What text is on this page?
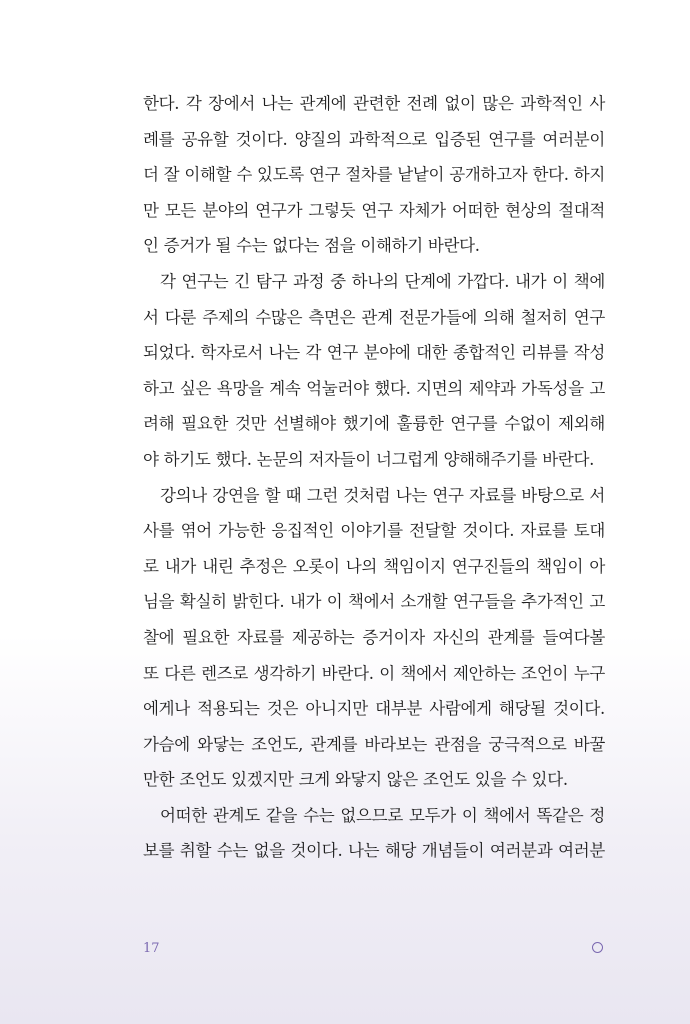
한다. 각 장에서 나는 관계에 관련한 전례 없이 많은 과학적인 사
례를 공유할 것이다. 양질의 과학적으로 입증된 연구를 여러분이
더 잘 이해할 수 있도록 연구 절차를 낱낱이 공개하고자 한다. 하지
만 모든 분야의 연구가 그렇듯 연구 자체가 어떠한 현상의 절대적
인 증거가 될 수는 없다는 점을 이해하기 바란다.
각 연구는 긴 탐구 과정 중 하나의 단계에 가깝다. 내가 이 책에
서 다룬 주제의 수많은 측면은 관계 전문가들에 의해 철저히 연구
되었다. 학자로서 나는 각 연구 분야에 대한 종합적인 리뷰를 작성
하고 싶은 욕망을 계속 억눌러야 했다. 지면의 제약과 가독성을 고
려해 필요한 것만 선별해야 했기에 훌륭한 연구를 수없이 제외해
야 하기도 했다. 논문의 저자들이 너그럽게 양해해주기를 바란다.
강의나 강연을 할 때 그런 것처럼 나는 연구 자료를 바탕으로 서
사를 엮어 가능한 응집적인 이야기를 전달할 것이다. 자료를 토대
로 내가 내린 추정은 오롯이 나의 책임이지 연구진들의 책임이 아
님을 확실히 밝힌다. 내가 이 책에서 소개할 연구들을 추가적인 고
찰에 필요한 자료를 제공하는 증거이자 자신의 관계를 들여다볼
또 다른 렌즈로 생각하기 바란다. 이 책에서 제안하는 조언이 누구
에게나 적용되는 것은 아니지만 대부분 사람에게 해당될 것이다.
가슴에 와닿는 조언도, 관계를 바라보는 관점을 궁극적으로 바꿀
만한 조언도 있겠지만 크게 와닿지 않은 조언도 있을 수 있다.
어떠한 관계도 같을 수는 없으므로 모두가 이 책에서 똑같은 정
보를 취할 수는 없을 것이다. 나는 해당 개념들이 여러분과 여러분
17
